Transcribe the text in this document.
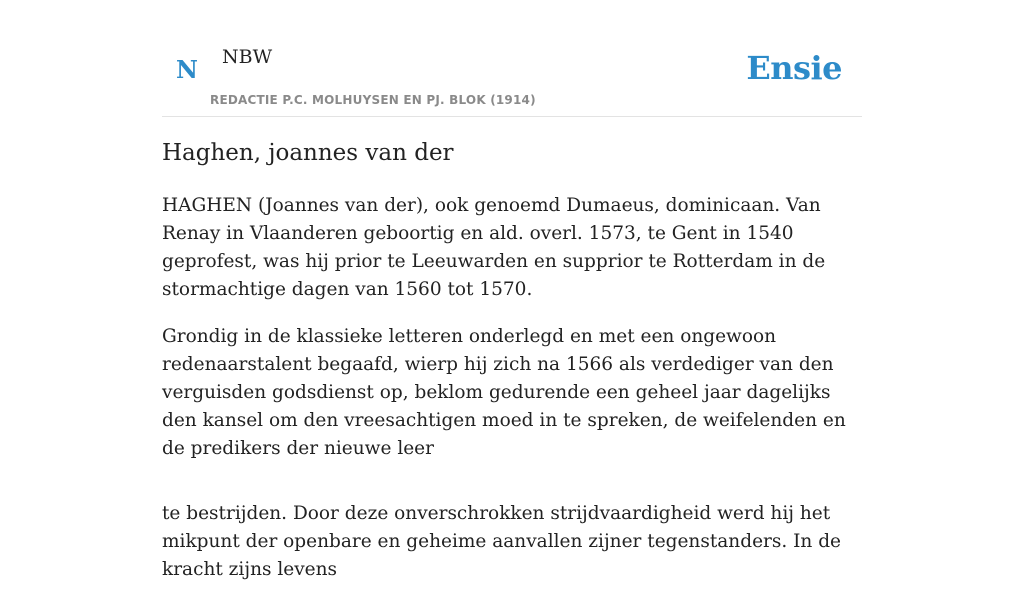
N NBW
REDACTIE P.C. MOLHUYSEN EN PJ. BLOK (1914)
Ensie
Haghen, joannes van der

HAGHEN (Joannes van der), ook genoemd Dumaeus, dominicaan. Van Renay in Vlaanderen geboortig en ald. overl. 1573, te Gent in 1540 geprofest, was hij prior te Leeuwarden en supprior te Rotterdam in de stormachtige dagen van 1560 tot 1570.

Grondig in de klassieke letteren onderlegd en met een ongewoon redenaarstalent begaafd, wierp hij zich na 1566 als verdediger van den verguisden godsdienst op, beklom gedurende een geheel jaar dagelijks den kansel om den vreesachtigen moed in te spreken, de weifelenden en de predikers der nieuwe leer

te bestrijden. Door deze onverschrokken strijdvaardigheid werd hij het mikpunt der openbare en geheime aanvallen zijner tegenstanders. In de kracht zijns levens
